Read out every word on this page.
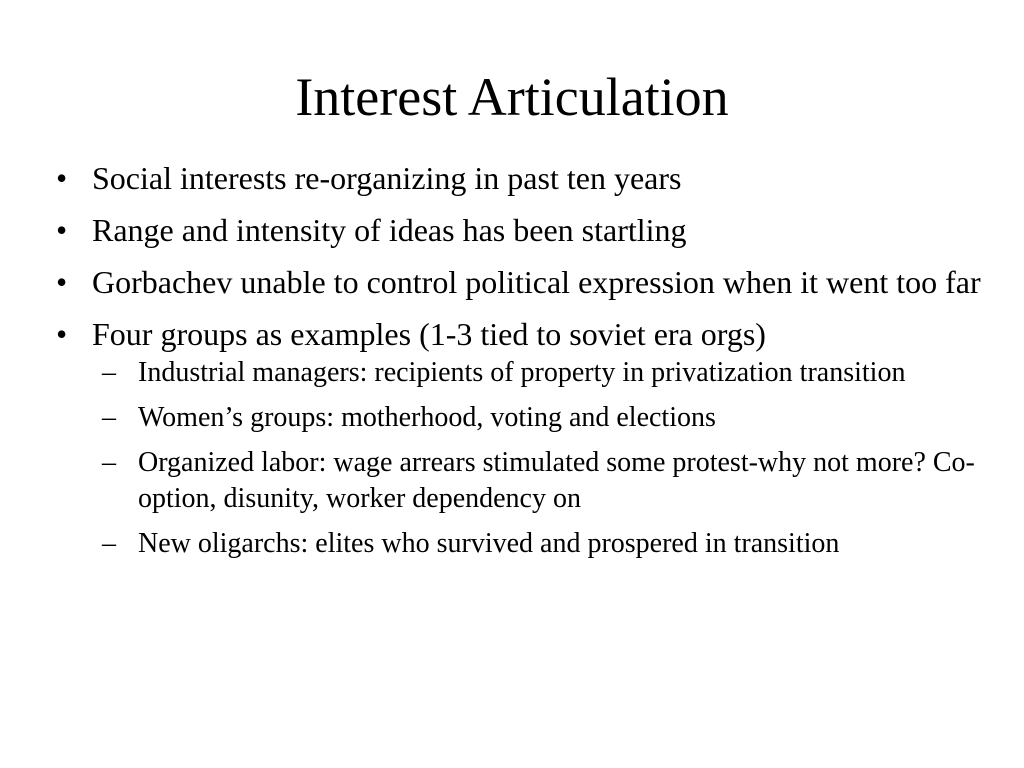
Interest Articulation
• Social interests re-organizing in past ten years
• Range and intensity of ideas has been startling
• Gorbachev unable to control political expression when it went too far
• Four groups as examples (1-3 tied to soviet era orgs)
– Industrial managers: recipients of property in privatization transition
– Women’s groups: motherhood, voting and elections
– Organized labor: wage arrears stimulated some protest-why not more? Co-option, disunity, worker dependency on
– New oligarchs: elites who survived and prospered in transition
